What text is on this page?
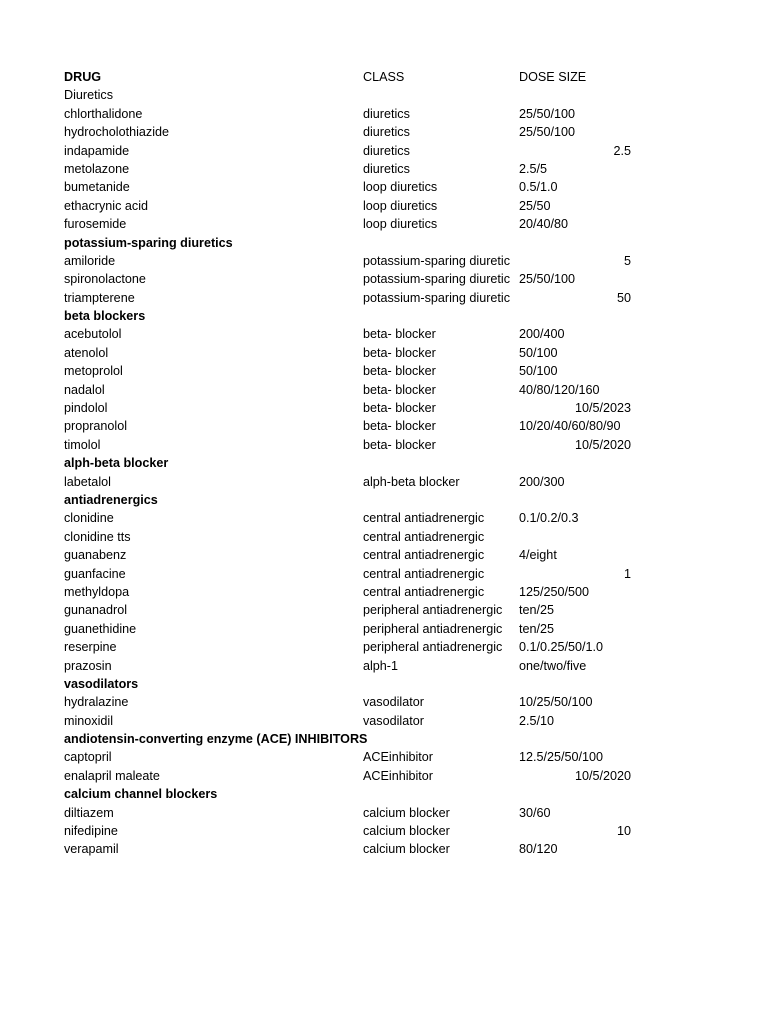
DRUG	CLASS	DOSE SIZE
Diuretics
chlorthalidone	diuretics	25/50/100
hydrocholothiazide	diuretics	25/50/100
indapamide	diuretics	2.5
metolazone	diuretics	2.5/5
bumetanide	loop diuretics	0.5/1.0
ethacrynic acid	loop diuretics	25/50
furosemide	loop diuretics	20/40/80
potassium-sparing diuretics
amiloride	potassium-sparing diuretic	5
spironolactone	potassium-sparing diuretic 25/50/100
triampterene	potassium-sparing diuretic	50
beta blockers
acebutolol	beta- blocker	200/400
atenolol	beta- blocker	50/100
metoprolol	beta- blocker	50/100
nadalol	beta- blocker	40/80/120/160
pindolol	beta- blocker	10/5/2023
propranolol	beta- blocker	10/20/40/60/80/90
timolol	beta- blocker	10/5/2020
alph-beta blocker
labetalol	alph-beta blocker	200/300
antiadrenergics
clonidine	central antiadrenergic	0.1/0.2/0.3
clonidine tts	central antiadrenergic
guanabenz	central antiadrenergic	4/eight
guanfacine	central antiadrenergic	1
methyldopa	central antiadrenergic	125/250/500
gunanadrol	peripheral antiadrenergic	ten/25
guanethidine	peripheral antiadrenergic	ten/25
reserpine	peripheral antiadrenergic	0.1/0.25/50/1.0
prazosin	alph-1	one/two/five
vasodilators
hydralazine	vasodilator	10/25/50/100
minoxidil	vasodilator	2.5/10
andiotensin-converting enzyme (ACE) INHIBITORS
captopril	ACEinhibitor	12.5/25/50/100
enalapril maleate	ACEinhibitor	10/5/2020
calcium channel blockers
diltiazem	calcium blocker	30/60
nifedipine	calcium blocker	10
verapamil	calcium blocker	80/120
